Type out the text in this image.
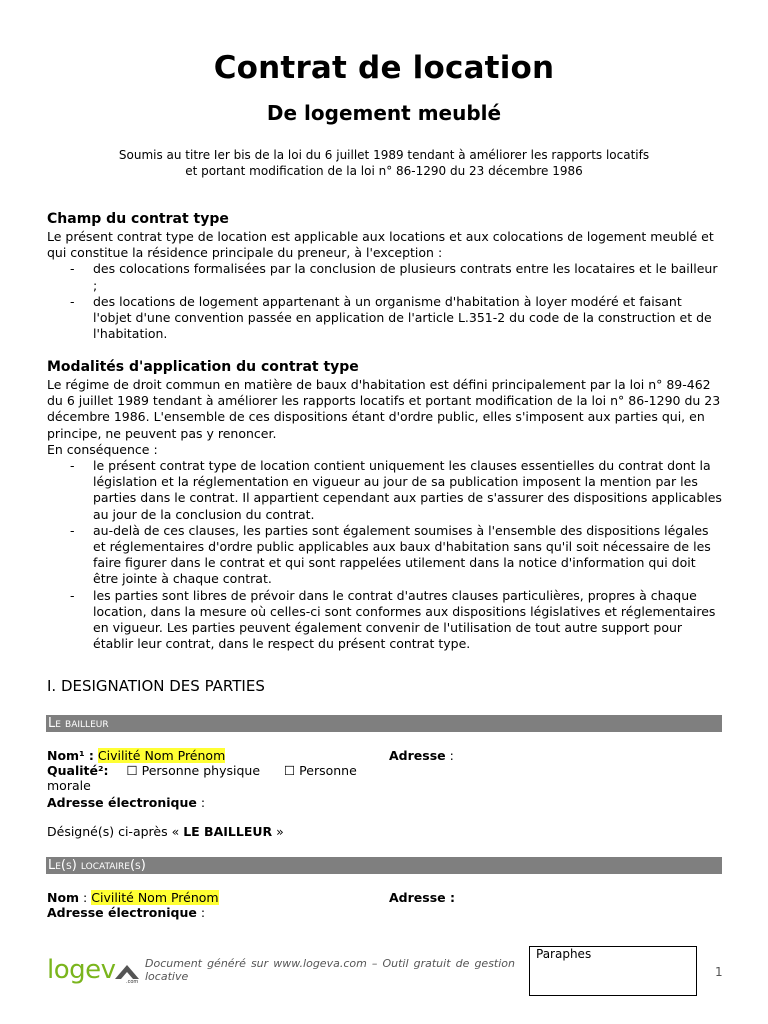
Contrat de location
De logement meublé
Soumis au titre Ier bis de la loi du 6 juillet 1989 tendant à améliorer les rapports locatifs
et portant modification de la loi n° 86-1290 du 23 décembre 1986
Champ du contrat type

Le présent contrat type de location est applicable aux locations et aux colocations de logement meublé et qui constitue la résidence principale du preneur, à l'exception :

- des colocations formalisées par la conclusion de plusieurs contrats entre les locataires et le bailleur ;
- des locations de logement appartenant à un organisme d'habitation à loyer modéré et faisant l'objet d'une convention passée en application de l'article L.351-2 du code de la construction et de l'habitation.
Modalités d'application du contrat type

Le régime de droit commun en matière de baux d'habitation est défini principalement par la loi n° 89-462 du 6 juillet 1989 tendant à améliorer les rapports locatifs et portant modification de la loi n° 86-1290 du 23 décembre 1986. L'ensemble de ces dispositions étant d'ordre public, elles s'imposent aux parties qui, en principe, ne peuvent pas y renoncer.

En conséquence :

- le présent contrat type de location contient uniquement les clauses essentielles du contrat dont la législation et la réglementation en vigueur au jour de sa publication imposent la mention par les parties dans le contrat. Il appartient cependant aux parties de s'assurer des dispositions applicables au jour de la conclusion du contrat.
- au-delà de ces clauses, les parties sont également soumises à l'ensemble des dispositions légales et réglementaires d'ordre public applicables aux baux d'habitation sans qu'il soit nécessaire de les faire figurer dans le contrat et qui sont rappelées utilement dans la notice d'information qui doit être jointe à chaque contrat.
- les parties sont libres de prévoir dans le contrat d'autres clauses particulières, propres à chaque location, dans la mesure où celles-ci sont conformes aux dispositions législatives et réglementaires en vigueur. Les parties peuvent également convenir de l'utilisation de tout autre support pour établir leur contrat, dans le respect du présent contrat type.
I. DESIGNATION DES PARTIES
Le bailleur
Nom¹ : Civilité Nom Prénom	Adresse :
Qualité²: ☐ Personne physique ☐ Personne
morale
Adresse électronique :
Désigné(s) ci-après « LE BAILLEUR »
Le(s) locataire(s)
Nom : Civilité Nom Prénom	Adresse :
Adresse électronique :
logev .com
Document généré sur www.logeva.com – Outil gratuit de gestion locative
Paraphes
1
